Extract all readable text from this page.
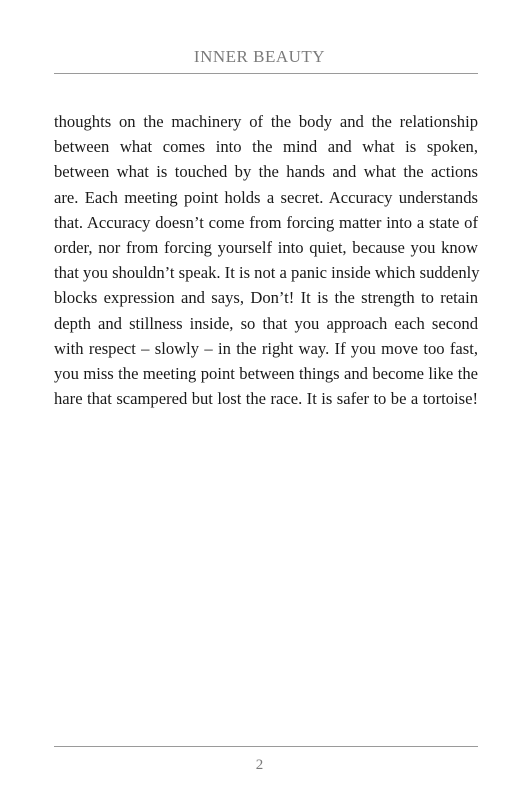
INNER BEAUTY
thoughts on the machinery of the body and the relationship
between what comes into the mind and what is spoken,
between what is touched by the hands and what the actions
are. Each meeting point holds a secret. Accuracy understands
that. Accuracy doesn’t come from forcing matter into a state of
order, nor from forcing yourself into quiet, because you know
that you shouldn’t speak. It is not a panic inside which suddenly
blocks expression and says, Don’t! It is the strength to retain
depth and stillness inside, so that you approach each second
with respect – slowly – in the right way. If you move too fast,
you miss the meeting point between things and become like the
hare that scampered but lost the race. It is safer to be a tortoise!
2
